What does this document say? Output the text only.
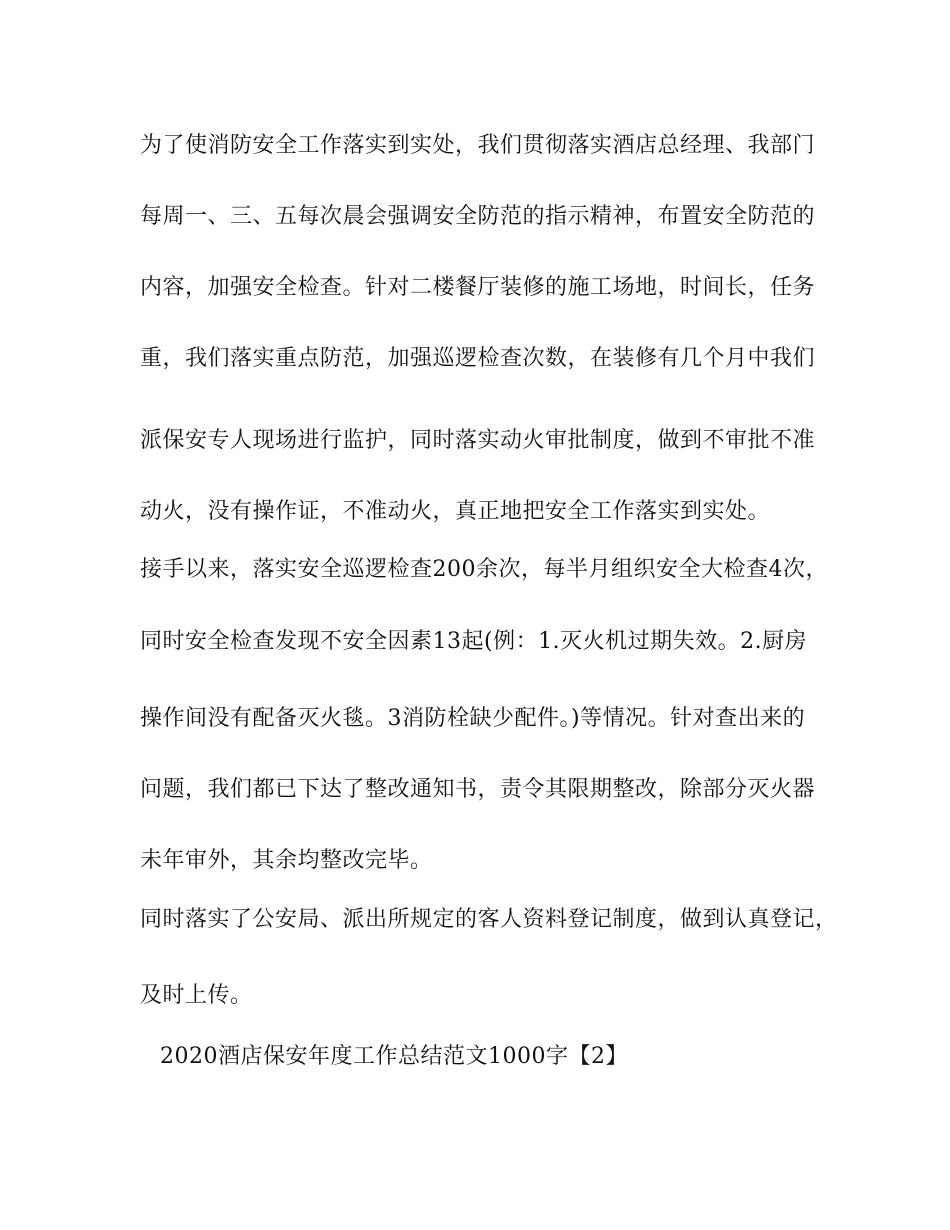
为了使消防安全工作落实到实处，我们贯彻落实酒店总经理、我部门
每周一、三、五每次晨会强调安全防范的指示精神，布置安全防范的
内容，加强安全检查。针对二楼餐厅装修的施工场地，时间长，任务
重，我们落实重点防范，加强巡逻检查次数，在装修有几个月中我们
派保安专人现场进行监护，同时落实动火审批制度，做到不审批不准
动火，没有操作证，不准动火，真正地把安全工作落实到实处。
接手以来，落实安全巡逻检查200余次，每半月组织安全大检查4次，
同时安全检查发现不安全因素13起(例：1.灭火机过期失效。2.厨房
操作间没有配备灭火毯。3消防栓缺少配件。)等情况。针对查出来的
问题，我们都已下达了整改通知书，责令其限期整改，除部分灭火器
未年审外，其余均整改完毕。
同时落实了公安局、派出所规定的客人资料登记制度，做到认真登记，
及时上传。
2020酒店保安年度工作总结范文1000字【2】
